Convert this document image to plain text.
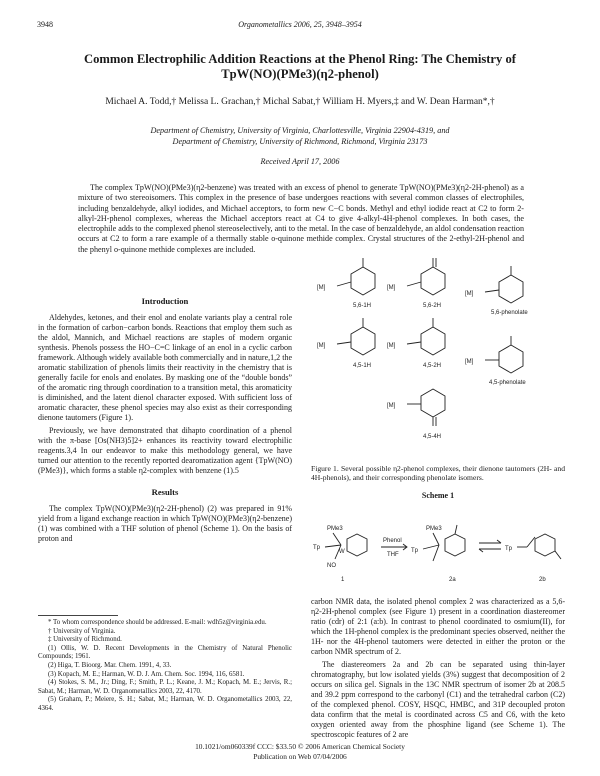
3948	Organometallics 2006, 25, 3948–3954
Common Electrophilic Addition Reactions at the Phenol Ring: The Chemistry of TpW(NO)(PMe3)(η2-phenol)
Michael A. Todd,† Melissa L. Grachan,† Michal Sabat,† William H. Myers,‡ and W. Dean Harman*,†
Department of Chemistry, University of Virginia, Charlottesville, Virginia 22904-4319, and
Department of Chemistry, University of Richmond, Richmond, Virginia 23173
Received April 17, 2006
The complex TpW(NO)(PMe3)(η2-benzene) was treated with an excess of phenol to generate TpW(NO)(PMe3)(η2-2H-phenol) as a mixture of two stereoisomers. This complex in the presence of base undergoes reactions with several common classes of electrophiles, including benzaldehyde, alkyl iodides, and Michael acceptors, to form new C−C bonds. Methyl and ethyl iodide react at C2 to form 2-alkyl-2H-phenol complexes, whereas the Michael acceptors react at C4 to give 4-alkyl-4H-phenol complexes. In both cases, the electrophile adds to the complexed phenol stereoselectively, anti to the metal. In the case of benzaldehyde, an aldol condensation reaction occurs at C2 to form a rare example of a thermally stable o-quinone methide complex. Crystal structures of the 2-ethyl-2H-phenol and the phenyl o-quinone methide complexes are included.
Introduction

Aldehydes, ketones, and their enol and enolate variants play a central role in the formation of carbon−carbon bonds. Reactions that employ them such as the aldol, Mannich, and Michael reactions are staples of modern organic synthesis. Phenols possess the HO−C=C linkage of an enol in a cyclic carbon framework. Although widely available both commercially and in nature,1,2 the aromatic stabilization of phenols limits their reactivity in the chemistry that is generally facile for enols and enolates. By masking one of the “double bonds” of the aromatic ring through coordination to a transition metal, this aromaticity is diminished, and the latent dienol character exposed. With sufficient loss of aromatic character, these phenol species may also exist as their corresponding dienone tautomers (Figure 1).

Previously, we have demonstrated that dihapto coordination of a phenol with the π-base [Os(NH3)5]2+ enhances its reactivity toward electrophilic reagents.3,4 In our endeavor to make this methodology general, we have turned our attention to the recently reported dearomatization agent {TpW(NO)(PMe3)}, which forms a stable η2-complex with benzene (1).5

Results

The complex TpW(NO)(PMe3)(η2-2H-phenol) (2) was prepared in 91% yield from a ligand exchange reaction in which TpW(NO)(PMe3)(η2-benzene) (1) was combined with a THF solution of phenol (Scheme 1). On the basis of proton and

* To whom correspondence should be addressed. E-mail: wdh5z@virginia.edu.

† University of Virginia.

‡ University of Richmond.

(1) Ollis, W. D. Recent Developments in the Chemistry of Natural Phenolic Compounds; 1961.

(2) Higa, T. Bioorg. Mar. Chem. 1991, 4, 33.

(3) Kopach, M. E.; Harman, W. D. J. Am. Chem. Soc. 1994, 116, 6581.

(4) Stokes, S. M., Jr.; Ding, F.; Smith, P. L.; Keane, J. M.; Kopach, M. E.; Jervis, R.; Sabat, M.; Harman, W. D. Organometallics 2003, 22, 4170.

(5) Graham, P.; Meiere, S. H.; Sabat, M.; Harman, W. D. Organometallics 2003, 22, 4364.

[M]	[M]
[M]
[M]	[M]
[M]
[M]
5,6-1H	5,6-2H
5,6-phenolate
4,5-1H	4,5-2H
4,5-4H
4,5-phenolate
Figure 1. Several possible η2-phenol complexes, their dienone tautomers (2H- and 4H-phenols), and their corresponding phenolate isomers.
Scheme 1
PMe3
Tp
NO
W
Phenol
THF
PMe3
Tp	Tp
1	2a	2b

carbon NMR data, the isolated phenol complex 2 was characterized as a 5,6-η2-2H-phenol complex (see Figure 1) present in a coordination diastereomer ratio (cdr) of 2:1 (a:b). In contrast to phenol coordinated to osmium(II), for which the 1H-phenol complex is the predominant species observed, neither the 1H- nor the 4H-phenol tautomers were detected in either the proton or the carbon NMR spectrum of 2.

The diastereomers 2a and 2b can be separated using thin-layer chromatography, but low isolated yields (3%) suggest that decomposition of 2 occurs on silica gel. Signals in the 13C NMR spectrum of isomer 2b at 208.5 and 39.2 ppm correspond to the carbonyl (C1) and the tetrahedral carbon (C2) of the complexed phenol. COSY, HSQC, HMBC, and 31P decoupled proton data confirm that the metal is coordinated across C5 and C6, with the keto oxygen oriented away from the phosphine ligand (see Scheme 1). The spectroscopic features of 2 are

10.1021/om060339f CCC: $33.50 © 2006 American Chemical Society
Publication on Web 07/04/2006
